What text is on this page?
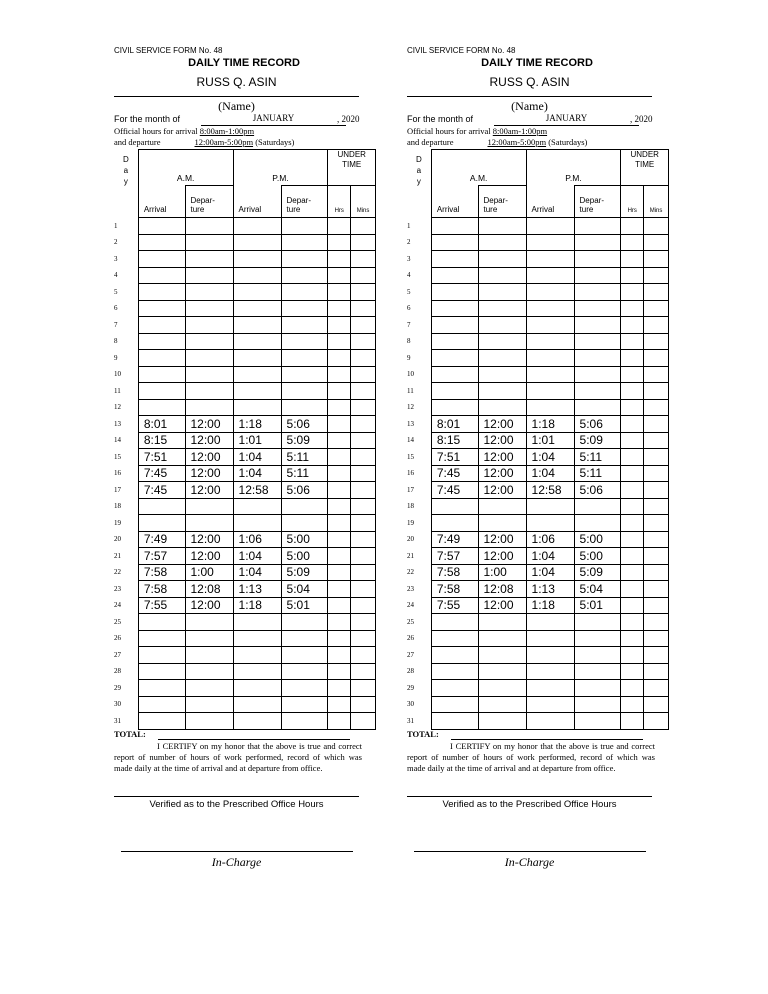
CIVIL SERVICE FORM No. 48
DAILY TIME RECORD
RUSS Q. ASIN
(Name)
For the month of	JANUARY	, 2020
Official hours for arrival 8:00am-1:00pm
and departure	12:00am-5:00pm (Saturdays)
D
a
y	A.M.		P.M.		UNDER
TIME	
	Arrival	Depar-
ture	Arrival	Depar-
ture	Hrs	Mins
1						
2						
3						
4						
5						
6						
7						
8						
9						
10						
11						
12						
13	8:01	12:00	1:18	5:06		
14	8:15	12:00	1:01	5:09		
15	7:51	12:00	1:04	5:11		
16	7:45	12:00	1:04	5:11		
17	7:45	12:00	12:58	5:06		
18						
19						
20	7:49	12:00	1:06	5:00		
21	7:57	12:00	1:04	5:00		
22	7:58	1:00	1:04	5:09		
23	7:58	12:08	1:13	5:04		
24	7:55	12:00	1:18	5:01		
25						
26						
27						
28						
29						
30						
31						
TOTAL:
I CERTIFY on my honor that the above is true and correct report of number of hours of work performed, record of which was made daily at the time of arrival and at departure from office.
Verified as to the Prescribed Office Hours
In-Charge
CIVIL SERVICE FORM No. 48
DAILY TIME RECORD
RUSS Q. ASIN
(Name)
For the month of	JANUARY	, 2020
Official hours for arrival 8:00am-1:00pm
and departure	12:00am-5:00pm (Saturdays)
D
a
y	A.M.		P.M.		UNDER
TIME	
	Arrival	Depar-
ture	Arrival	Depar-
ture	Hrs	Mins
1						
2						
3						
4						
5						
6						
7						
8						
9						
10						
11						
12						
13	8:01	12:00	1:18	5:06		
14	8:15	12:00	1:01	5:09		
15	7:51	12:00	1:04	5:11		
16	7:45	12:00	1:04	5:11		
17	7:45	12:00	12:58	5:06		
18						
19						
20	7:49	12:00	1:06	5:00		
21	7:57	12:00	1:04	5:00		
22	7:58	1:00	1:04	5:09		
23	7:58	12:08	1:13	5:04		
24	7:55	12:00	1:18	5:01		
25						
26						
27						
28						
29						
30						
31						
TOTAL:
I CERTIFY on my honor that the above is true and correct report of number of hours of work performed, record of which was made daily at the time of arrival and at departure from office.
Verified as to the Prescribed Office Hours
In-Charge
